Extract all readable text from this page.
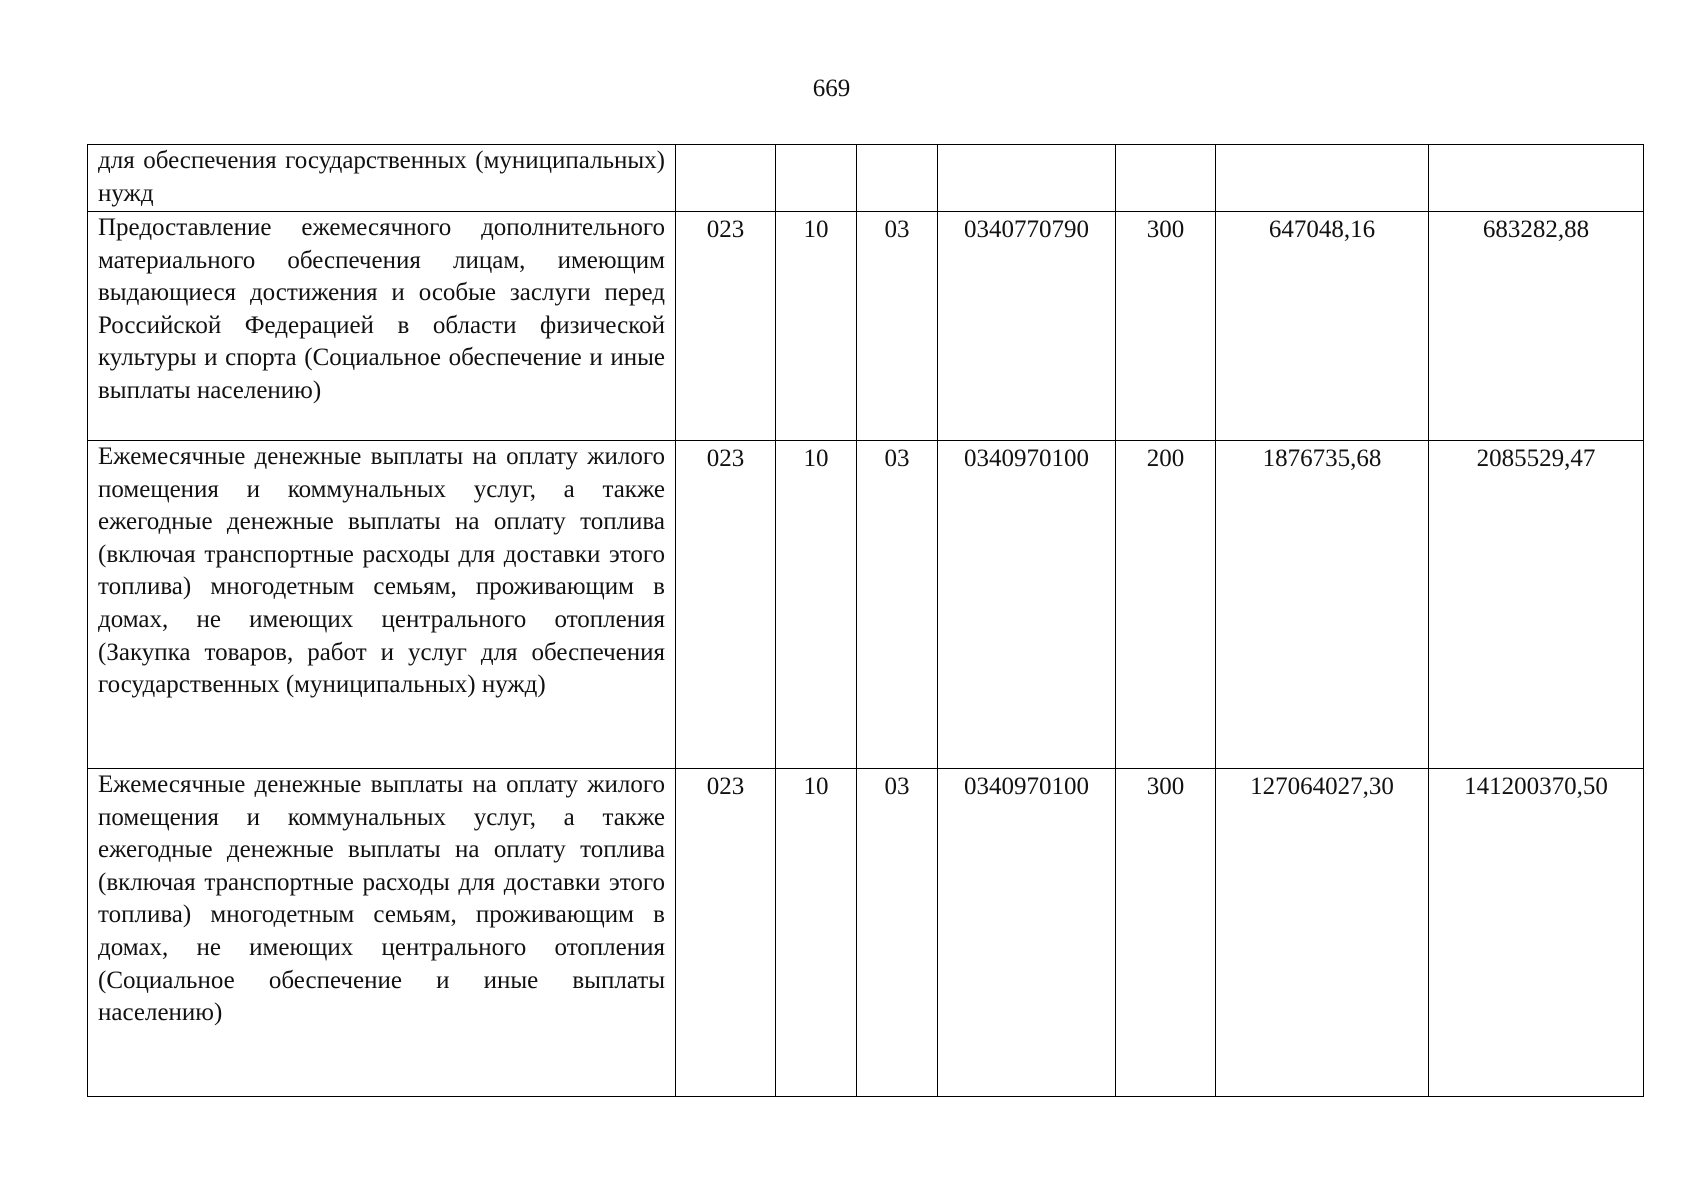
669
для обеспечения государственных (муниципальных) нужд							
Предоставление ежемесячного дополнительного материального обеспечения лицам, имеющим выдающиеся достижения и особые заслуги перед Российской Федерацией в области физической культуры и спорта (Социальное обеспечение и иные выплаты населению)	023	10	03	0340770790	300	647048,16	683282,88
Ежемесячные денежные выплаты на оплату жилого помещения и коммунальных услуг, а также ежегодные денежные выплаты на оплату топлива (включая транспортные расходы для доставки этого топлива) многодетным семьям, проживающим в домах, не имеющих центрального отопления (Закупка товаров, работ и услуг для обеспечения государственных (муниципальных) нужд)	023	10	03	0340970100	200	1876735,68	2085529,47
Ежемесячные денежные выплаты на оплату жилого помещения и коммунальных услуг, а также ежегодные денежные выплаты на оплату топлива (включая транспортные расходы для доставки этого топлива) многодетным семьям, проживающим в домах, не имеющих центрального отопления (Социальное обеспечение и иные выплаты населению)	023	10	03	0340970100	300	127064027,30	141200370,50
